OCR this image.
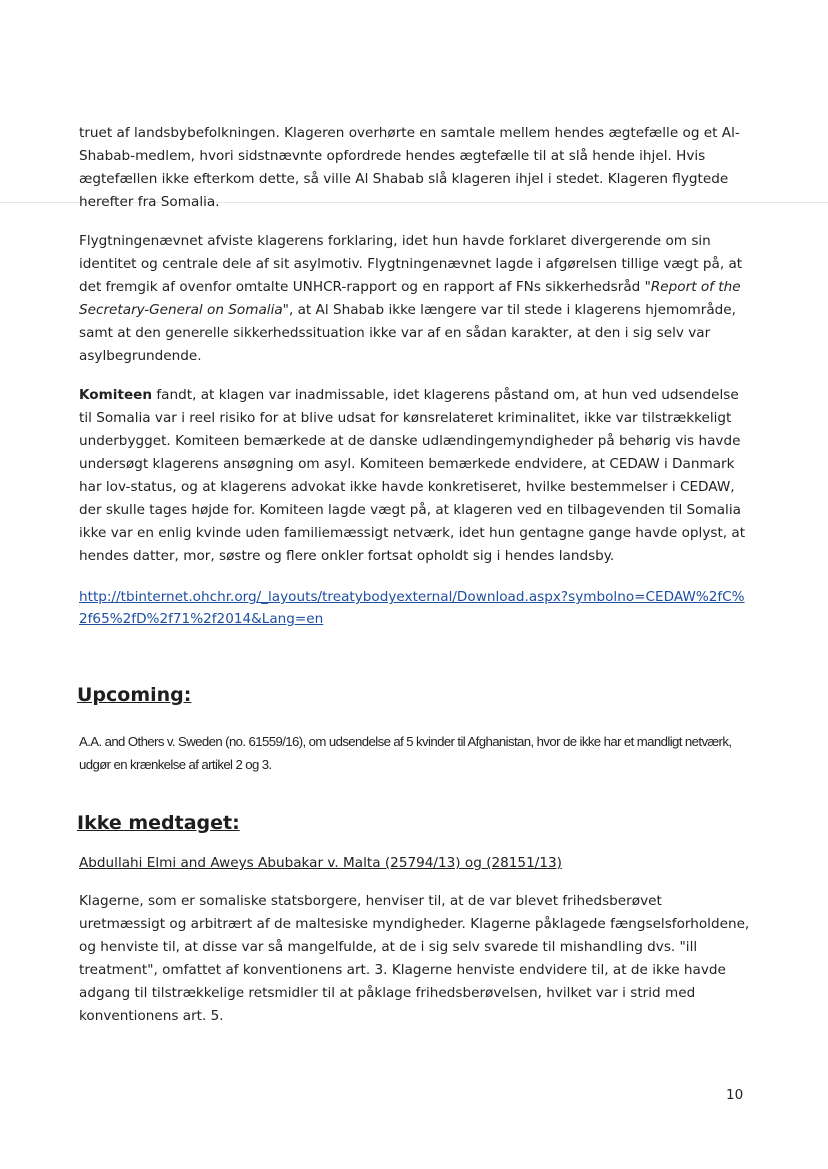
truet af landsbybefolkningen. Klageren overhørte en samtale mellem hendes ægtefælle og et Al-Shabab-medlem, hvori sidstnævnte opfordrede hendes ægtefælle til at slå hende ihjel. Hvis ægtefællen ikke efterkom dette, så ville Al Shabab slå klageren ihjel i stedet. Klageren flygtede herefter fra Somalia.

Flygtningenævnet afviste klagerens forklaring, idet hun havde forklaret divergerende om sin identitet og centrale dele af sit asylmotiv. Flygtningenævnet lagde i afgørelsen tillige vægt på, at det fremgik af ovenfor omtalte UNHCR-rapport og en rapport af FNs sikkerhedsråd "Report of the Secretary-General on Somalia", at Al Shabab ikke længere var til stede i klagerens hjemområde, samt at den generelle sikkerhedssituation ikke var af en sådan karakter, at den i sig selv var asylbegrundende.

Komiteen fandt, at klagen var inadmissable, idet klagerens påstand om, at hun ved udsendelse til Somalia var i reel risiko for at blive udsat for kønsrelateret kriminalitet, ikke var tilstrækkeligt underbygget. Komiteen bemærkede at de danske udlændingemyndigheder på behørig vis havde undersøgt klagerens ansøgning om asyl. Komiteen bemærkede endvidere, at CEDAW i Danmark har lov-status, og at klagerens advokat ikke havde konkretiseret, hvilke bestemmelser i CEDAW, der skulle tages højde for. Komiteen lagde vægt på, at klageren ved en tilbagevenden til Somalia ikke var en enlig kvinde uden familiemæssigt netværk, idet hun gentagne gange havde oplyst, at hendes datter, mor, søstre og flere onkler fortsat opholdt sig i hendes landsby.

http://tbinternet.ohchr.org/_layouts/treatybodyexternal/Download.aspx?symbolno=CEDAW%2fC%2f65%2fD%2f71%2f2014&Lang=en
Upcoming:

A.A. and Others v. Sweden (no. 61559/16), om udsendelse af 5 kvinder til Afghanistan, hvor de ikke har et mandligt netværk, udgør en krænkelse af artikel 2 og 3.

Ikke medtaget:

Abdullahi Elmi and Aweys Abubakar v. Malta (25794/13) og (28151/13)

Klagerne, som er somaliske statsborgere, henviser til, at de var blevet frihedsberøvet uretmæssigt og arbitrært af de maltesiske myndigheder. Klagerne påklagede fængselsforholdene, og henviste til, at disse var så mangelfulde, at de i sig selv svarede til mishandling dvs. "ill treatment", omfattet af konventionens art. 3. Klagerne henviste endvidere til, at de ikke havde adgang til tilstrækkelige retsmidler til at påklage frihedsberøvelsen, hvilket var i strid med konventionens art. 5.

10
